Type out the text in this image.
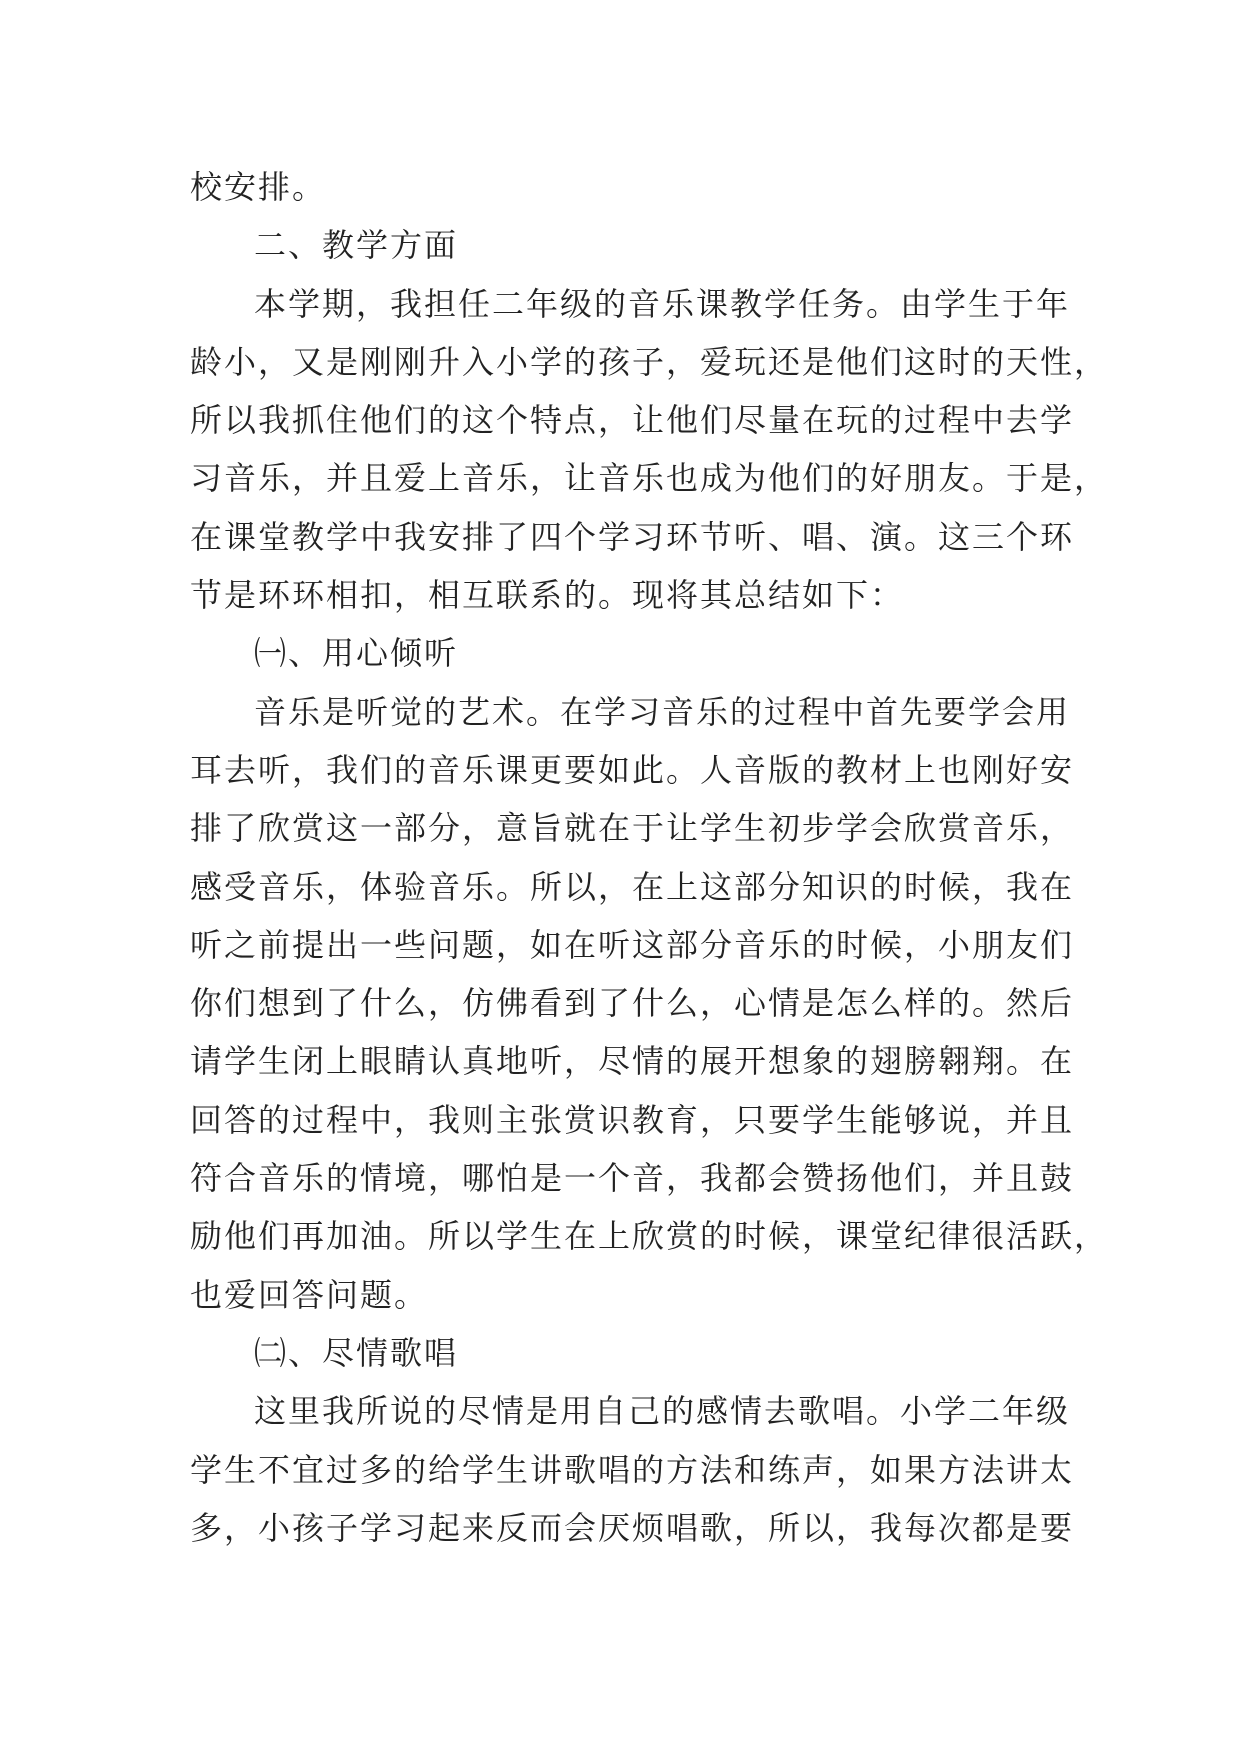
校安排。
二、教学方面
本学期，我担任二年级的音乐课教学任务。由学生于年
龄小，又是刚刚升入小学的孩子，爱玩还是他们这时的天性，
所以我抓住他们的这个特点，让他们尽量在玩的过程中去学
习音乐，并且爱上音乐，让音乐也成为他们的好朋友。于是，
在课堂教学中我安排了四个学习环节听、唱、演。这三个环
节是环环相扣，相互联系的。现将其总结如下：
㈠、用心倾听
音乐是听觉的艺术。在学习音乐的过程中首先要学会用
耳去听，我们的音乐课更要如此。人音版的教材上也刚好安
排了欣赏这一部分，意旨就在于让学生初步学会欣赏音乐，
感受音乐，体验音乐。所以，在上这部分知识的时候，我在
听之前提出一些问题，如在听这部分音乐的时候，小朋友们
你们想到了什么，仿佛看到了什么，心情是怎么样的。然后
请学生闭上眼睛认真地听，尽情的展开想象的翅膀翱翔。在
回答的过程中，我则主张赏识教育，只要学生能够说，并且
符合音乐的情境，哪怕是一个音，我都会赞扬他们，并且鼓
励他们再加油。所以学生在上欣赏的时候，课堂纪律很活跃，
也爱回答问题。
㈡、尽情歌唱
这里我所说的尽情是用自己的感情去歌唱。小学二年级
学生不宜过多的给学生讲歌唱的方法和练声，如果方法讲太
多，小孩子学习起来反而会厌烦唱歌，所以，我每次都是要
